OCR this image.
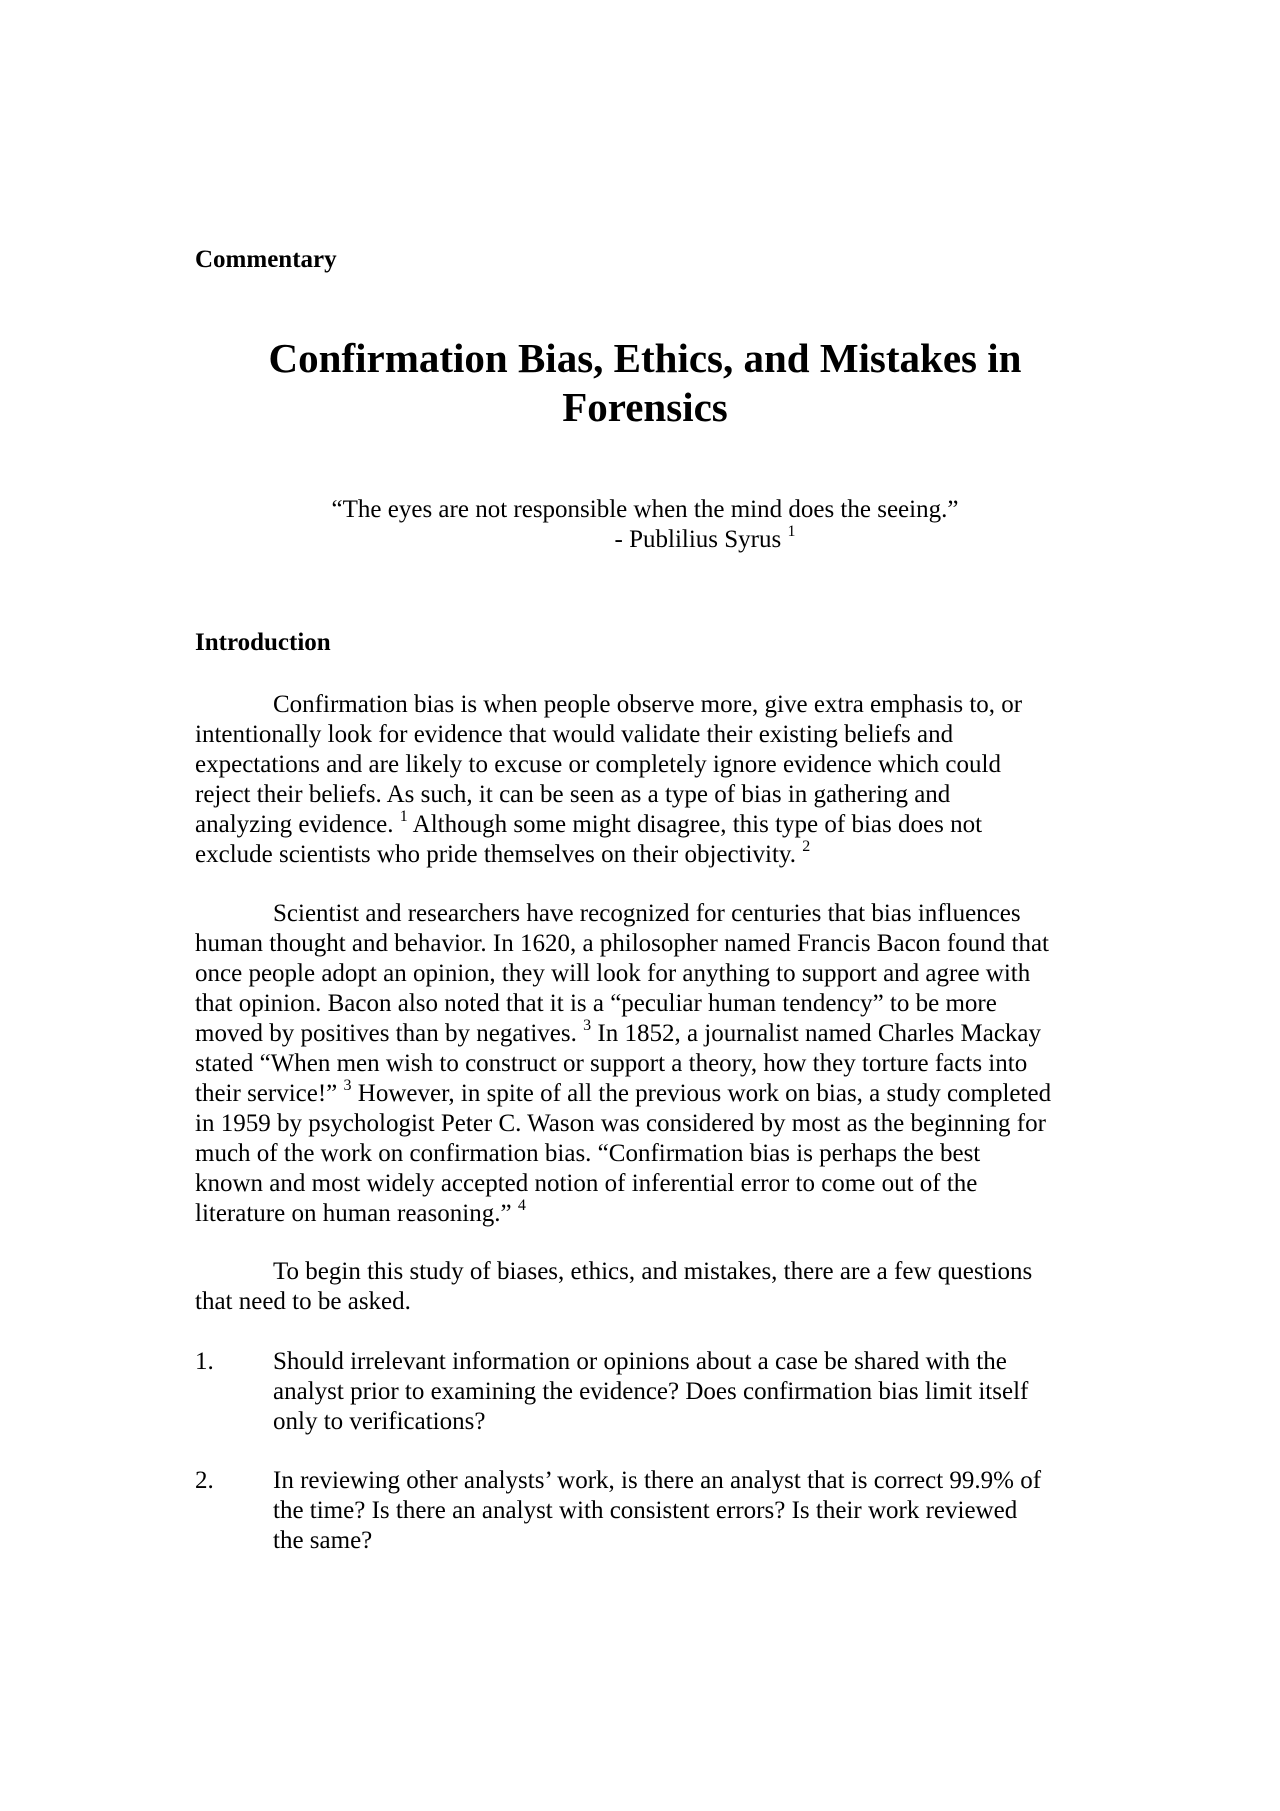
Commentary

Confirmation Bias, Ethics, and Mistakes in
Forensics
“The eyes are not responsible when the mind does the seeing.”
- Publilius Syrus $^1$

Introduction

Confirmation bias is when people observe more, give extra emphasis to, or
intentionally look for evidence that would validate their existing beliefs and
expectations and are likely to excuse or completely ignore evidence which could
reject their beliefs. As such, it can be seen as a type of bias in gathering and
analyzing evidence. $^1$ Although some might disagree, this type of bias does not
exclude scientists who pride themselves on their objectivity. $^2$

Scientist and researchers have recognized for centuries that bias influences
human thought and behavior. In 1620, a philosopher named Francis Bacon found that
once people adopt an opinion, they will look for anything to support and agree with
that opinion. Bacon also noted that it is a “peculiar human tendency” to be more
moved by positives than by negatives. $^3$ In 1852, a journalist named Charles Mackay
stated “When men wish to construct or support a theory, how they torture facts into
their service!” $^3$ However, in spite of all the previous work on bias, a study completed
in 1959 by psychologist Peter C. Wason was considered by most as the beginning for
much of the work on confirmation bias. “Confirmation bias is perhaps the best
known and most widely accepted notion of inferential error to come out of the
literature on human reasoning.” $^4$

To begin this study of biases, ethics, and mistakes, there are a few questions
that need to be asked.

1. Should irrelevant information or opinions about a case be shared with the
analyst prior to examining the evidence? Does confirmation bias limit itself
only to verifications?
2. In reviewing other analysts’ work, is there an analyst that is correct 99.9% of
the time? Is there an analyst with consistent errors? Is their work reviewed
the same?
